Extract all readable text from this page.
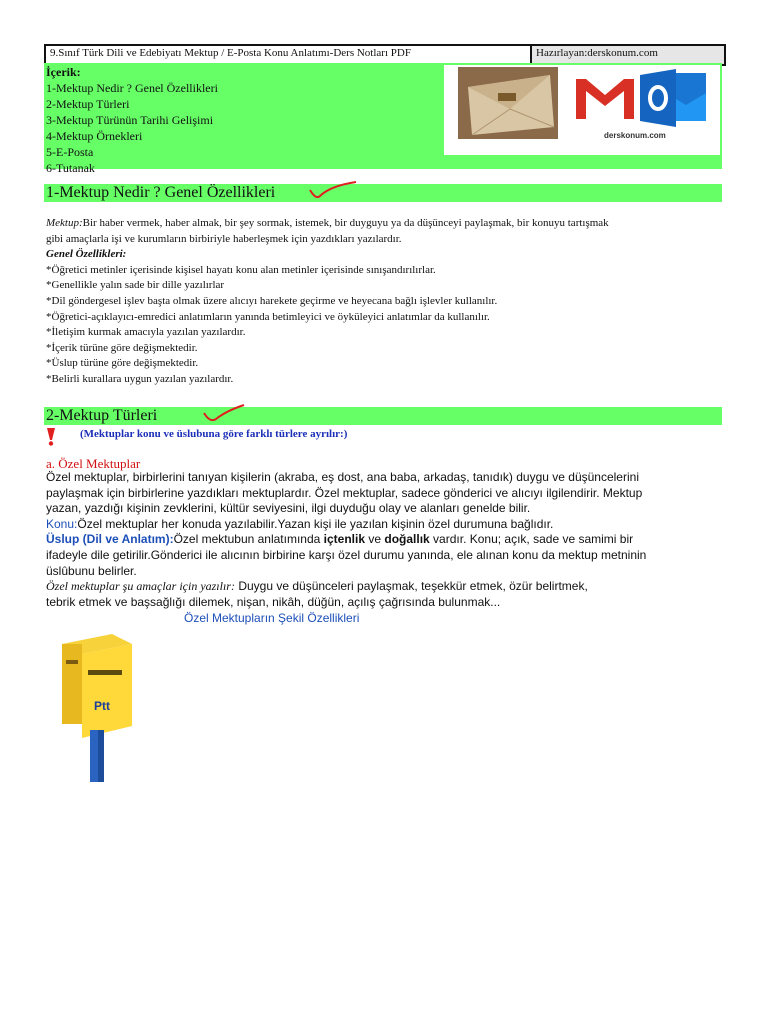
9.Sınıf Türk Dili ve Edebiyatı Mektup / E-Posta Konu Anlatımı-Ders Notları PDF	Hazırlayan:derskonum.com
İçerik:
1-Mektup Nedir ? Genel Özellikleri
2-Mektup Türleri
3-Mektup Türünün Tarihi Gelişimi
4-Mektup Örnekleri
5-E-Posta
6-Tutanak
derskonum.com
1-Mektup Nedir ? Genel Özellikleri
Mektup:Bir haber vermek, haber almak, bir şey sormak, istemek, bir duyguyu ya da düşünceyi paylaşmak, bir konuyu tartışmak
gibi amaçlarla işi ve kurumların birbiriyle haberleşmek için yazdıkları yazılardır.
Genel Özellikleri:
*Öğretici metinler içerisinde kişisel hayatı konu alan metinler içerisinde sınışandırılırlar.
*Genellikle yalın sade bir dille yazılırlar
*Dil göndergesel işlev başta olmak üzere alıcıyı harekete geçirme ve heyecana bağlı işlevler kullanılır.
*Öğretici-açıklayıcı-emredici anlatımların yanında betimleyici ve öyküleyici anlatımlar da kullanılır.
*İletişim kurmak amacıyla yazılan yazılardır.
*İçerik türüne göre değişmektedir.
*Üslup türüne göre değişmektedir.
*Belirli kurallara uygun yazılan yazılardır.
2-Mektup Türleri
(Mektuplar konu ve üslubuna göre farklı türlere ayrılır:)
a. Özel Mektuplar
Özel mektuplar, birbirlerini tanıyan kişilerin (akraba, eş dost, ana baba, arkadaş, tanıdık) duygu ve düşüncelerini
paylaşmak için birbirlerine yazdıkları mektuplardır. Özel mektuplar, sadece gönderici ve alıcıyı ilgilendirir. Mektup
yazan, yazdığı kişinin zevklerini, kültür seviyesini, ilgi duyduğu olay ve alanları genelde bilir.
Konu:Özel mektuplar her konuda yazılabilir.Yazan kişi ile yazılan kişinin özel durumuna bağlıdır.
Üslup (Dil ve Anlatım):Özel mektubun anlatımında içtenlik ve doğallık vardır. Konu; açık, sade ve samimi bir
ifadeyle dile getirilir.Gönderici ile alıcının birbirine karşı özel durumu yanında, ele alınan konu da mektup metninin
üslûbunu belirler.
Özel mektuplar şu amaçlar için yazılır: Duygu ve düşünceleri paylaşmak, teşekkür etmek, özür belirtmek,
tebrik etmek ve başsağlığı dilemek, nişan, nikâh, düğün, açılış çağrısında bulunmak...
Özel Mektupların Şekil Özellikleri
Ptt
